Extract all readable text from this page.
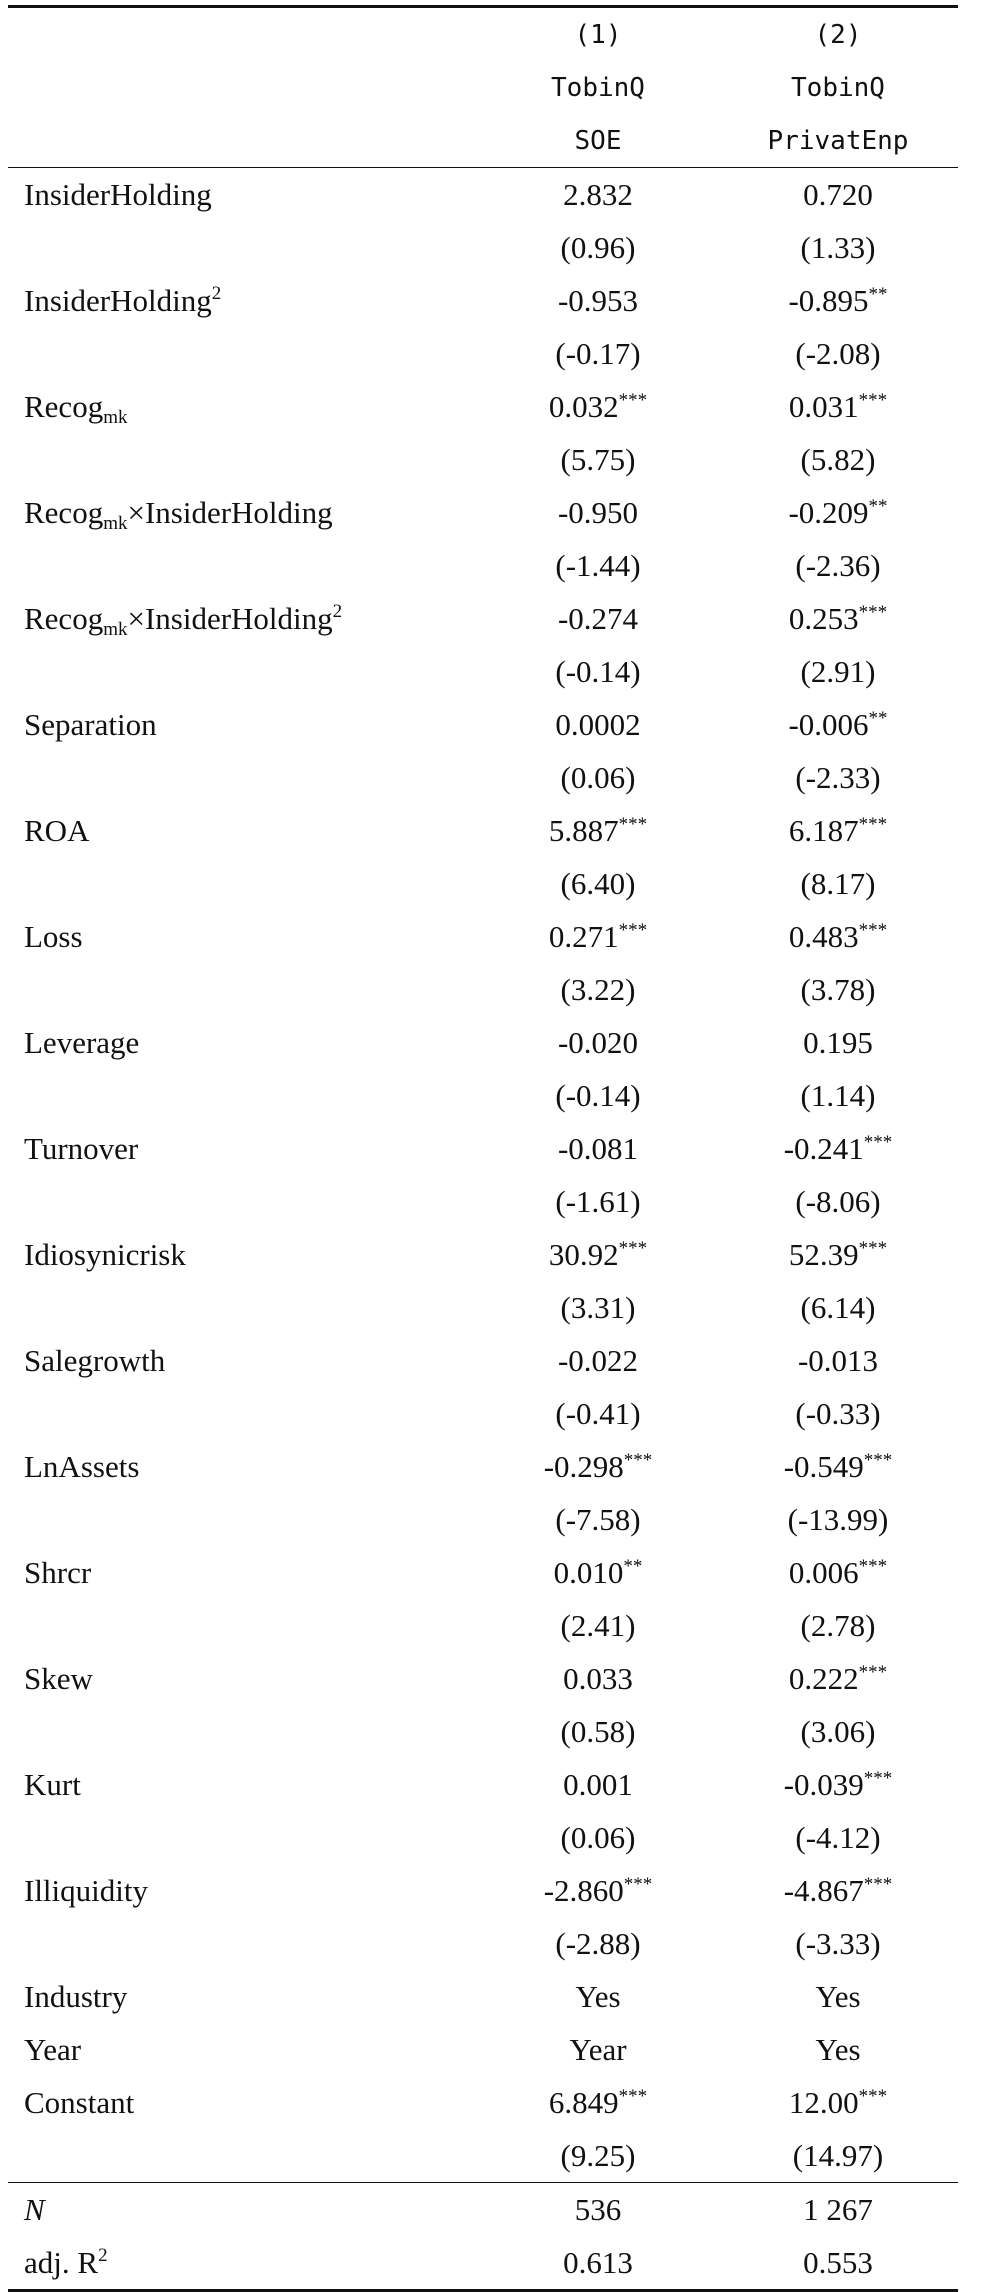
	(1)	(2)
	TobinQ	TobinQ
	SOE	PrivatEnp
InsiderHolding	2.832	0.720
	(0.96)	(1.33)
InsiderHolding$^2$	-0.953	-0.895**
	(-0.17)	(-2.08)
Recog$_{mk}$	0.032***	0.031***
	(5.75)	(5.82)
Recog$_{mk}$×InsiderHolding	-0.950	-0.209**
	(-1.44)	(-2.36)
Recog$_{mk}$×InsiderHolding$^2$	-0.274	0.253***
	(-0.14)	(2.91)
Separation	0.0002	-0.006**
	(0.06)	(-2.33)
ROA	5.887***	6.187***
	(6.40)	(8.17)
Loss	0.271***	0.483***
	(3.22)	(3.78)
Leverage	-0.020	0.195
	(-0.14)	(1.14)
Turnover	-0.081	-0.241***
	(-1.61)	(-8.06)
Idiosynicrisk	30.92***	52.39***
	(3.31)	(6.14)
Salegrowth	-0.022	-0.013
	(-0.41)	(-0.33)
LnAssets	-0.298***	-0.549***
	(-7.58)	(-13.99)
Shrcr	0.010**	0.006***
	(2.41)	(2.78)
Skew	0.033	0.222***
	(0.58)	(3.06)
Kurt	0.001	-0.039***
	(0.06)	(-4.12)
Illiquidity	-2.860***	-4.867***
	(-2.88)	(-3.33)
Industry	Yes	Yes
Year	Year	Yes
Constant	6.849***	12.00***
	(9.25)	(14.97)
N	536	1 267
adj. $R^2$	0.613	0.553
